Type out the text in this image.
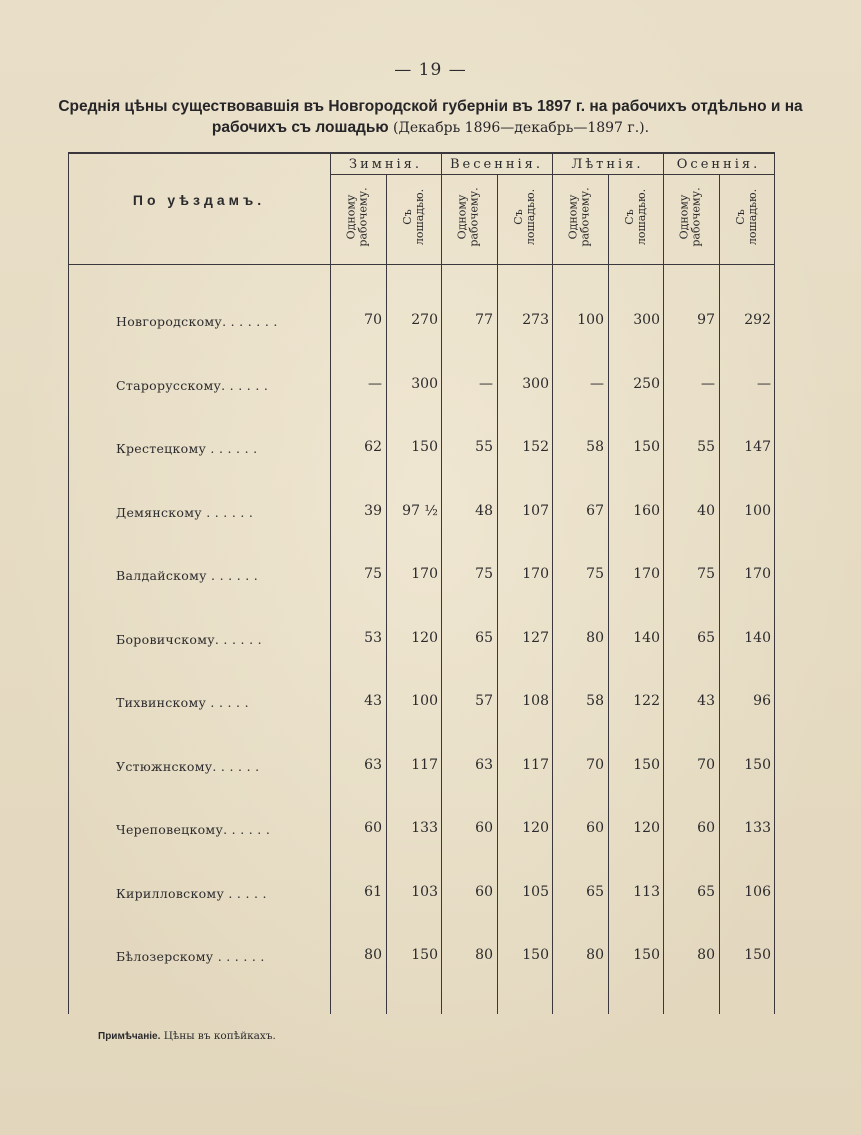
— 19 —
Среднія цѣны существовавшія въ Новгородской губерніи въ 1897 г. на рабочихъ отдѣльно и на
рабочихъ съ лошадью (Декабрь 1896—декабрь—1897 г.).
По уѣздамъ.
Зимнія.	Весеннія.	Лѣтнія.	Осеннія.
Одному
рабочему.	Съ
лошадью.	Одному
рабочему.	Съ
лошадью.	Одному
рабочему.	Съ
лошадью.	Одному
рабочему.	Съ
лошадью.
Новгородскому. . . . . . .	70	270	77	273	100	300	97	292
Старорусскому. . . . . .	—	300	—	300	—	250	—	—
Крестецкому . . . . . .	62	150	55	152	58	150	55	147
Демянскому . . . . . .	39	97 ½	48	107	67	160	40	100
Валдайскому . . . . . .	75	170	75	170	75	170	75	170
Боровичскому. . . . . .	53	120	65	127	80	140	65	140
Тихвинскому . . . . .	43	100	57	108	58	122	43	96
Устюжнскому. . . . . .	63	117	63	117	70	150	70	150
Череповецкому. . . . . .	60	133	60	120	60	120	60	133
Кирилловскому . . . . .	61	103	60	105	65	113	65	106
Бѣлозерскому . . . . . .	80	150	80	150	80	150	80	150
Примѣчаніе. Цѣны въ копѣйкахъ.
